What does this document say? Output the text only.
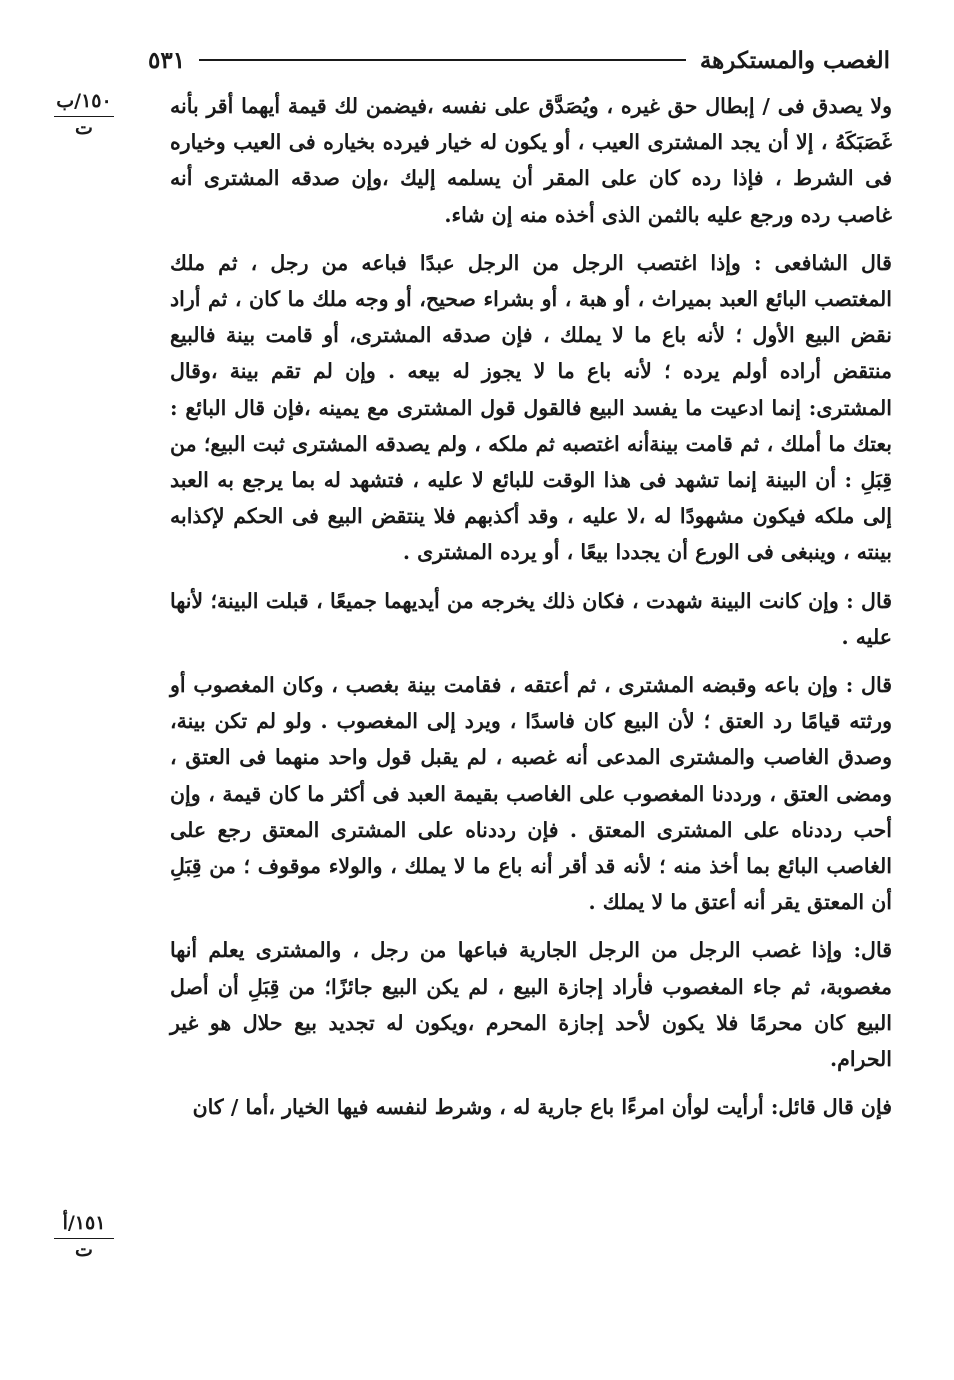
الغصب والمستكرهة
٥٣١
١٥٠/ب
ت
١٥١/أ
ت

ولا يصدق فى / إبطال حق غيره ، ويُصَدَّق على نفسه ،فيضمن لك قيمة أيهما أقر بأنه غَصَبَكَهُ ، إلا أن يجد المشترى العيب ، أو يكون له خيار فيرده بخياره فى العيب وخياره فى الشرط ، فإذا رده كان على المقر أن يسلمه إليك ،وإن صدقه المشترى أنه غاصب رده ورجع عليه بالثمن الذى أخذه منه إن شاء.

قال الشافعى : وإذا اغتصب الرجل من الرجل عبدًا فباعه من رجل ، ثم ملك المغتصب البائع العبد بميراث ، أو هبة ، أو بشراء صحيح، أو وجه ملك ما كان ، ثم أراد نقض البيع الأول ؛ لأنه باع ما لا يملك ، فإن صدقه المشترى، أو قامت بينة فالبيع منتقض أراده أولم يرده ؛ لأنه باع ما لا يجوز له بيعه . وإن لم تقم بينة ،وقال المشترى: إنما ادعيت ما يفسد البيع فالقول قول المشترى مع يمينه ،فإن قال البائع : بعتك ما أملك ، ثم قامت بينةأنه اغتصبه ثم ملكه ، ولم يصدقه المشترى ثبت البيع؛ من قِبَلِ : أن البينة إنما تشهد فى هذا الوقت للبائع لا عليه ، فتشهد له بما يرجع به العبد إلى ملكه فيكون مشهودًا له ،لا عليه ، وقد أكذبهم فلا ينتقض البيع فى الحكم لإكذابه بينته ، وينبغى فى الورع أن يجددا بيعًا ، أو يرده المشترى .

قال : وإن كانت البينة شهدت ، فكان ذلك يخرجه من أيديهما جميعًا ، قبلت البينة؛ لأنها عليه .

قال : وإن باعه وقبضه المشترى ، ثم أعتقه ، فقامت بينة بغصب ، وكان المغصوب أو ورثته قيامًا رد العتق ؛ لأن البيع كان فاسدًا ، ويرد إلى المغصوب . ولو لم تكن بينة، وصدق الغاصب والمشترى المدعى أنه غصبه ، لم يقبل قول واحد منهما فى العتق ، ومضى العتق ، ورددنا المغصوب على الغاصب بقيمة العبد فى أكثر ما كان قيمة ، وإن أحب رددناه على المشترى المعتق . فإن رددناه على المشترى المعتق رجع على الغاصب البائع بما أخذ منه ؛ لأنه قد أقر أنه باع ما لا يملك ، والولاء موقوف ؛ من قِبَلِ أن المعتق يقر أنه أعتق ما لا يملك .

قال: وإذا غصب الرجل من الرجل الجارية فباعها من رجل ، والمشترى يعلم أنها مغصوبة، ثم جاء المغصوب فأراد إجازة البيع ، لم يكن البيع جائزًا؛ من قِبَلِ أن أصل البيع كان محرمًا فلا يكون لأحد إجازة المحرم ،ويكون له تجديد بيع حلال هو غير الحرام.

فإن قال قائل: أرأيت لوأن امرءًا باع جارية له ، وشرط لنفسه فيها الخيار ،أما / كان
